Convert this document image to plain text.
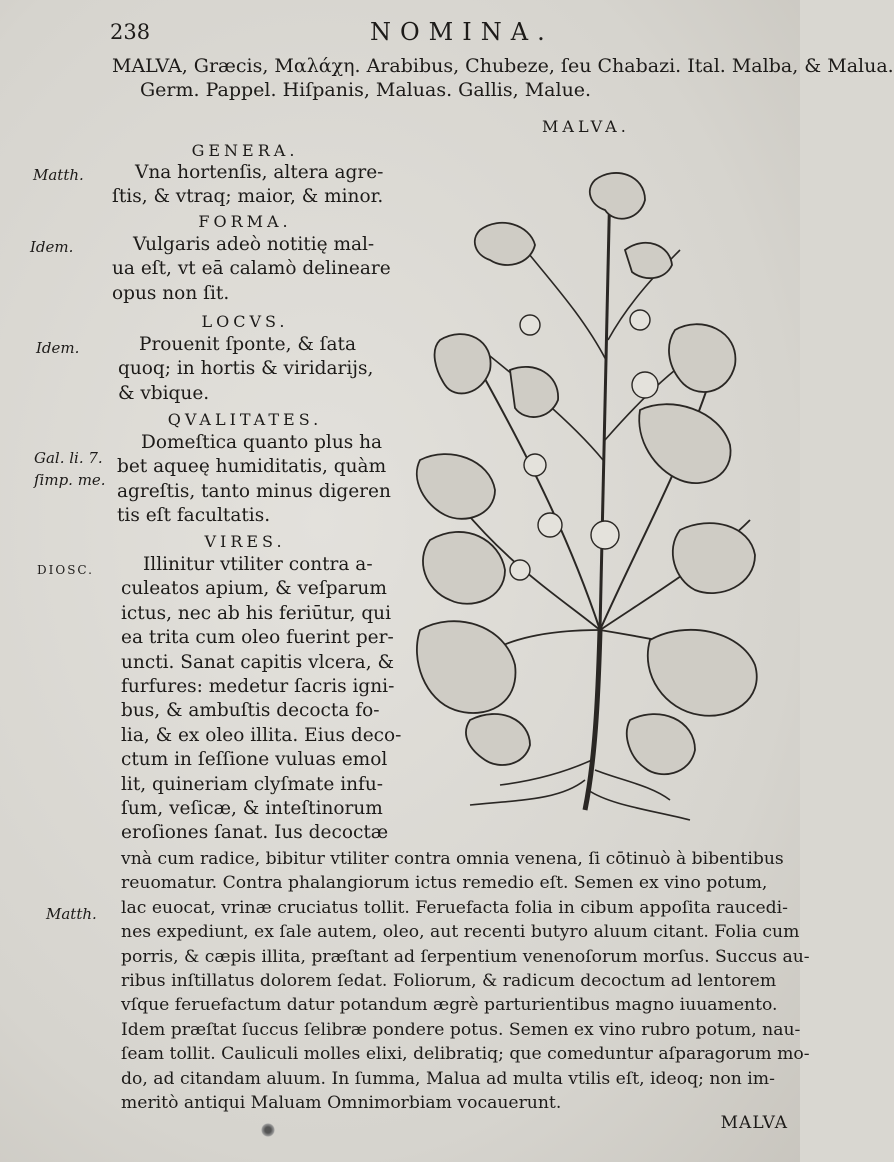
238	NOMINA.
MALVA, Græcis, Μαλάχη. Arabibus, Chubeze, ſeu Chabazi. Ital. Malba, & Malua.
Germ. Pappel. Hiſpanis, Maluas. Gallis, Malue.
MALVA.
GENERA.
Matth.	Vna hortenſis, altera agre-
ſtis, & vtraq; maior, & minor.
FORMA.
Idem.	Vulgaris adeò notitię mal-
ua eſt, vt eā calamò delineare
opus non ſit.
LOCVS.
Idem.	Prouenit ſponte, & ſata
quoq; in hortis & viridarijs,
& vbique.
QVALITATES.
Gal. li. 7.
ſimp. me.
Domeſtica quanto plus ha
bet aqueę humiditatis, quàm
agreſtis, tanto minus digeren
tis eſt facultatis.
VIRES.
DIOSC.	Illinitur vtiliter contra a-
culeatos apium, & veſparum
ictus, nec ab his feriūtur, qui
ea trita cum oleo fuerint per-
uncti. Sanat capitis vlcera, &
furfures: medetur ſacris igni-
bus, & ambuſtis decocta fo-
lia, & ex oleo illita. Eius deco-
ctum in ſeſſione vuluas emol
lit, quineriam clyſmate infu-
ſum, veſicæ, & inteſtinorum
eroſiones ſanat. Ius decoctæ
Matth.
vnà cum radice, bibitur vtiliter contra omnia venena, ſi cōtinuò à bibentibus
reuomatur. Contra phalangiorum ictus remedio eſt. Semen ex vino potum,
lac euocat, vrinæ cruciatus tollit. Feruefacta folia in cibum appoſita raucedi-
nes expediunt, ex ſale autem, oleo, aut recenti butyro aluum citant. Folia cum
porris, & cæpis illita, præſtant ad ſerpentium venenoſorum morſus. Succus au-
ribus inſtillatus dolorem ſedat. Foliorum, & radicum decoctum ad lentorem
vſque feruefactum datur potandum ægrè parturientibus magno iuuamento.
Idem præſtat ſuccus ſelibræ pondere potus. Semen ex vino rubro potum, nau-
ſeam tollit. Cauliculi molles elixi, delibratiq; que comeduntur aſparagorum mo-
do, ad citandam aluum. In ſumma, Malua ad multa vtilis eſt, ideoq; non im-
meritò antiqui Maluam Omnimorbiam vocauerunt.
MALVA
